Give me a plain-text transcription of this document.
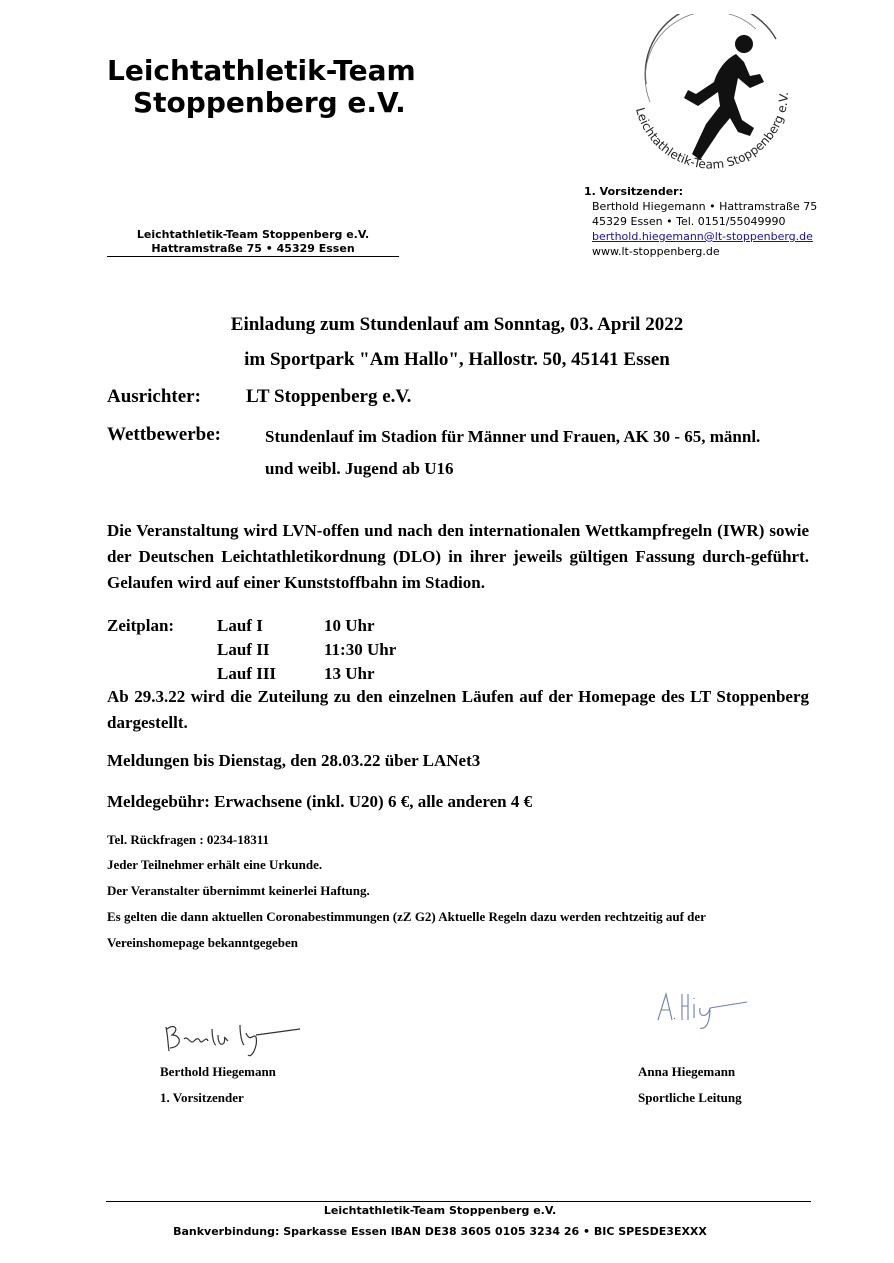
Leichtathletik-Team
Stoppenberg e.V.	Leichtathletik-Team Stoppenberg e.V.
Leichtathletik-Team Stoppenberg e.V.
Hattramstraße 75 • 45329 Essen
1. Vorsitzender:

Berthold Hiegemann • Hattramstraße 75
45329 Essen • Tel. 0151/55049990
berthold.hiegemann@lt-stoppenberg.de
www.lt-stoppenberg.de
Einladung zum Stundenlauf am Sonntag, 03. April 2022
im Sportpark "Am Hallo", Hallostr. 50, 45141 Essen
Ausrichter: LT Stoppenberg e.V.
Wettbewerbe:	Stundenlauf im Stadion für Männer und Frauen, AK 30 - 65, männl.
und weibl. Jugend ab U16
Die Veranstaltung wird LVN-offen und nach den internationalen Wettkampfregeln (IWR) sowie der Deutschen Leichtathletikordnung (DLO) in ihrer jeweils gültigen Fassung durch-geführt. Gelaufen wird auf einer Kunststoffbahn im Stadion.
Zeitplan:	Lauf I	10 Uhr
Lauf II	11:30 Uhr
Lauf III	13 Uhr
Ab 29.3.22 wird die Zuteilung zu den einzelnen Läufen auf der Homepage des LT Stoppenberg dargestellt.
Meldungen bis Dienstag, den 28.03.22 über LANet3
Meldegebühr: Erwachsene (inkl. U20) 6 €, alle anderen 4 €
Tel. Rückfragen : 0234-18311
Jeder Teilnehmer erhält eine Urkunde.
Der Veranstalter übernimmt keinerlei Haftung.
Es gelten die dann aktuellen Coronabestimmungen (zZ G2) Aktuelle Regeln dazu werden rechtzeitig auf der
Vereinshomepage bekanntgegeben
Berthold Hiegemann
1. Vorsitzender
Anna Hiegemann
Sportliche Leitung
Leichtathletik-Team Stoppenberg e.V.
Bankverbindung: Sparkasse Essen IBAN DE38 3605 0105 3234 26 • BIC SPESDE3EXXX
